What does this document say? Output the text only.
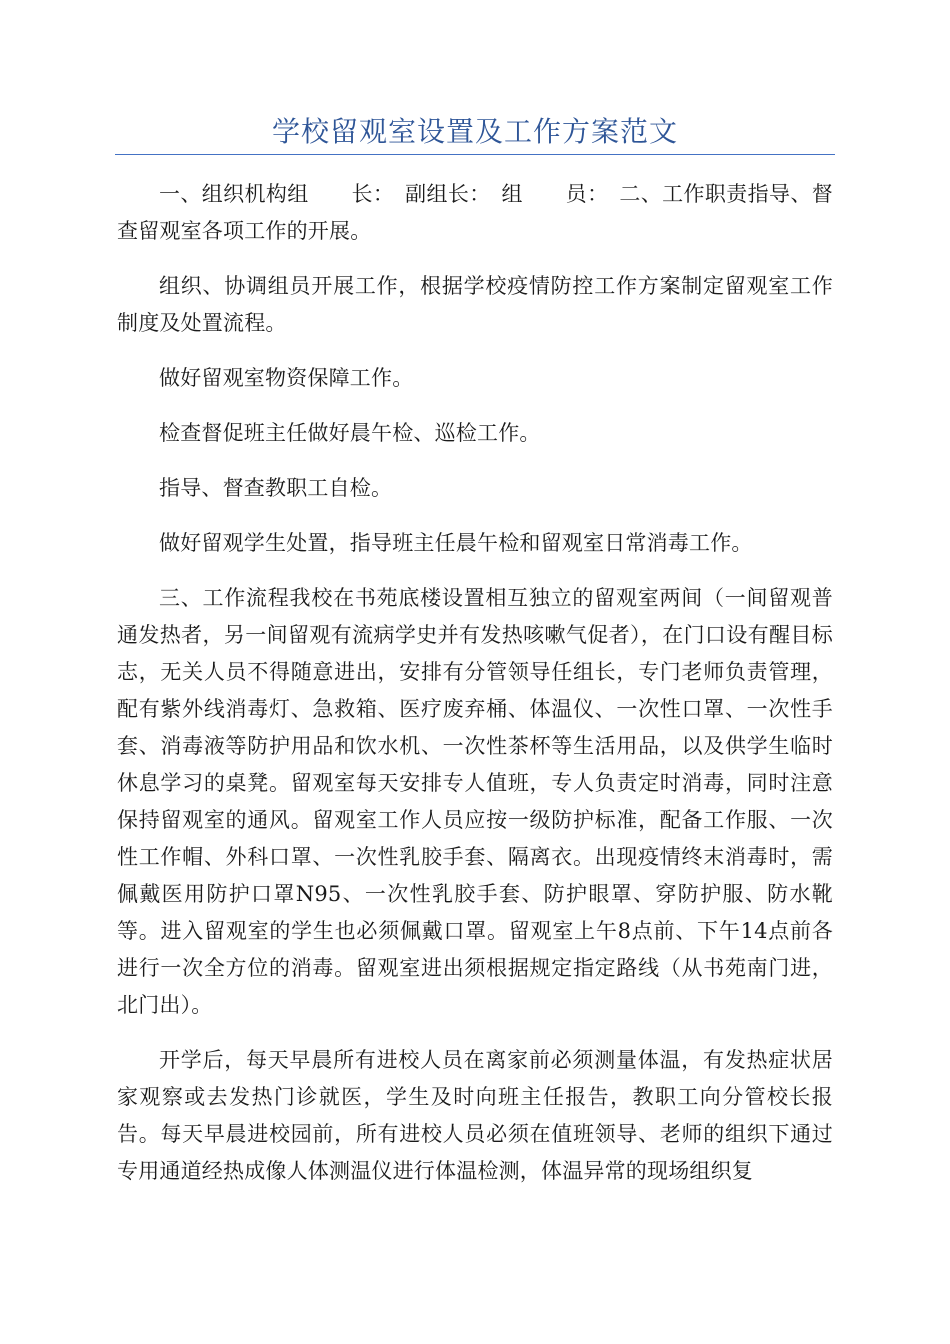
学校留观室设置及工作方案范文

一、组织机构组　　长：　副组长：　组　　员：　二、工作职责指导、督查留观室各项工作的开展。

组织、协调组员开展工作，根据学校疫情防控工作方案制定留观室工作制度及处置流程。

做好留观室物资保障工作。

检查督促班主任做好晨午检、巡检工作。

指导、督查教职工自检。

做好留观学生处置，指导班主任晨午检和留观室日常消毒工作。

三、工作流程我校在书苑底楼设置相互独立的留观室两间（一间留观普通发热者，另一间留观有流病学史并有发热咳嗽气促者），在门口设有醒目标志，无关人员不得随意进出，安排有分管领导任组长，专门老师负责管理，配有紫外线消毒灯、急救箱、医疗废弃桶、体温仪、一次性口罩、一次性手套、消毒液等防护用品和饮水机、一次性茶杯等生活用品，以及供学生临时休息学习的桌凳。留观室每天安排专人值班，专人负责定时消毒，同时注意保持留观室的通风。留观室工作人员应按一级防护标准，配备工作服、一次性工作帽、外科口罩、一次性乳胶手套、隔离衣。出现疫情终末消毒时，需佩戴医用防护口罩N95、一次性乳胶手套、防护眼罩、穿防护服、防水靴等。进入留观室的学生也必须佩戴口罩。留观室上午8点前、下午14点前各进行一次全方位的消毒。留观室进出须根据规定指定路线（从书苑南门进，北门出）。

开学后，每天早晨所有进校人员在离家前必须测量体温，有发热症状居家观察或去发热门诊就医，学生及时向班主任报告，教职工向分管校长报告。每天早晨进校园前，所有进校人员必须在值班领导、老师的组织下通过专用通道经热成像人体测温仪进行体温检测，体温异常的现场组织复
